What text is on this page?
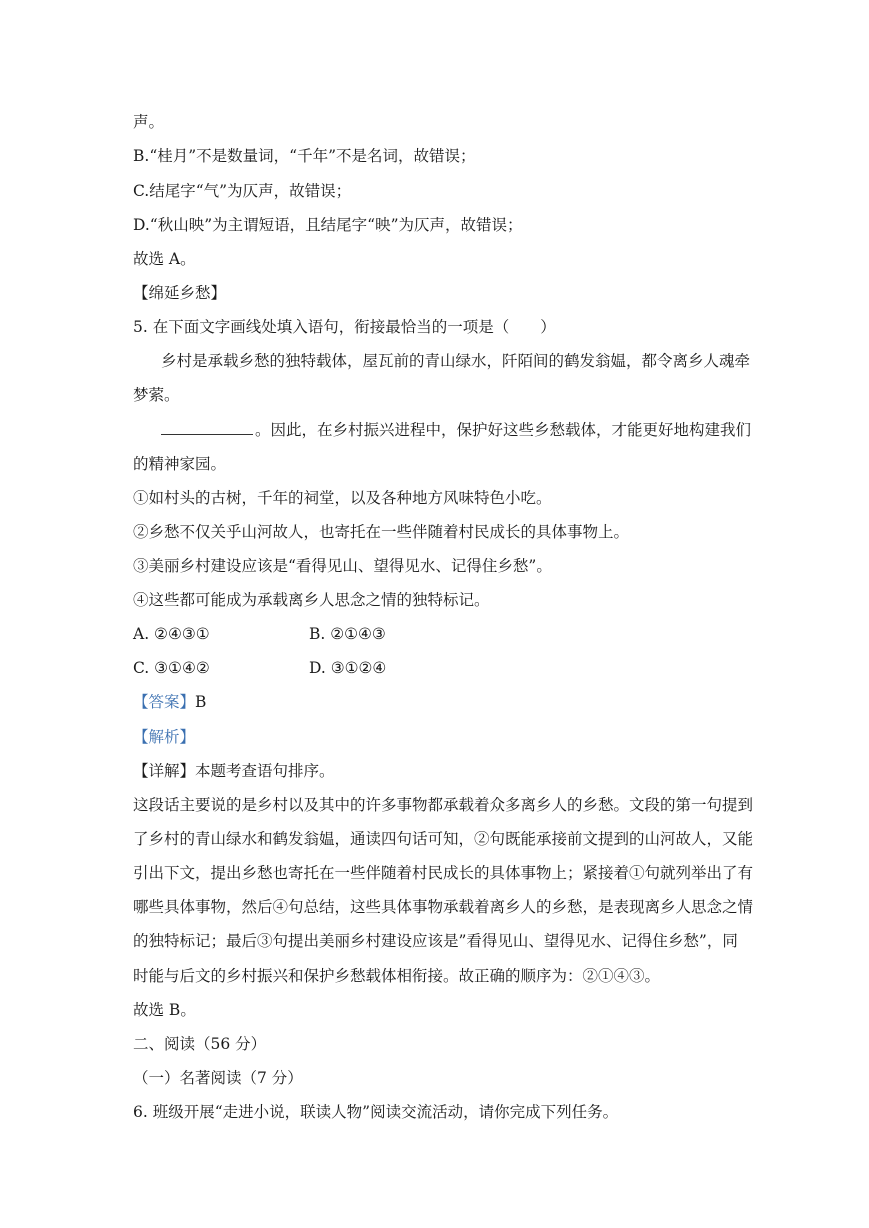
声。
B.“桂月”不是数量词，“千年”不是名词，故错误；
C.结尾字“气”为仄声，故错误；
D.“秋山映”为主谓短语，且结尾字“映”为仄声，故错误；
故选 A。
【绵延乡愁】
5. 在下面文字画线处填入语句，衔接最恰当的一项是（　　）
乡村是承载乡愁的独特载体，屋瓦前的青山绿水，阡陌间的鹤发翁媪，都令离乡人魂牵
梦萦。
。因此，在乡村振兴进程中，保护好这些乡愁载体，才能更好地构建我们
的精神家园。
①如村头的古树，千年的祠堂，以及各种地方风味特色小吃。
②乡愁不仅关乎山河故人，也寄托在一些伴随着村民成长的具体事物上。
③美丽乡村建设应该是“看得见山、望得见水、记得住乡愁”。
④这些都可能成为承载离乡人思念之情的独特标记。
A. ②④③①	B. ②①④③
C. ③①④②	D. ③①②④
【答案】B
【解析】
【详解】本题考查语句排序。
这段话主要说的是乡村以及其中的许多事物都承载着众多离乡人的乡愁。文段的第一句提到
了乡村的青山绿水和鹤发翁媪，通读四句话可知，②句既能承接前文提到的山河故人，又能
引出下文，提出乡愁也寄托在一些伴随着村民成长的具体事物上；紧接着①句就列举出了有
哪些具体事物，然后④句总结，这些具体事物承载着离乡人的乡愁，是表现离乡人思念之情
的独特标记；最后③句提出美丽乡村建设应该是”看得见山、望得见水、记得住乡愁”，同
时能与后文的乡村振兴和保护乡愁载体相衔接。故正确的顺序为：②①④③。
故选 B。
二、阅读（56 分）
（一）名著阅读（7 分）
6. 班级开展“走进小说，联读人物”阅读交流活动，请你完成下列任务。
